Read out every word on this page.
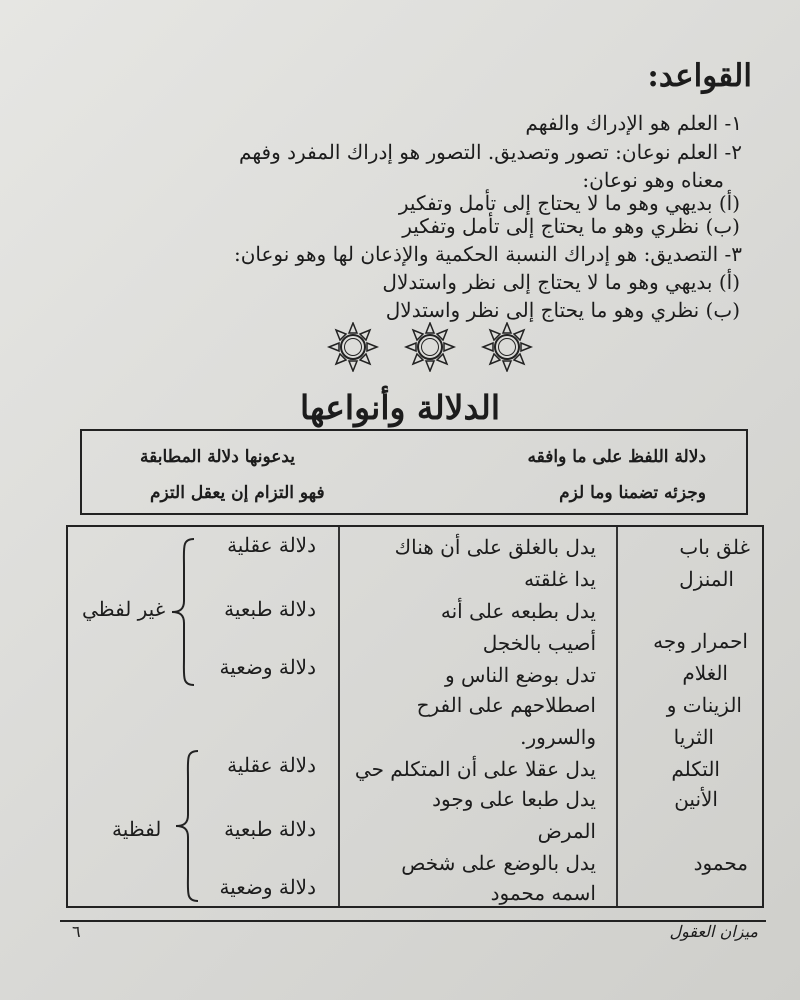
القواعد:
١- العلم هو الإدراك والفهم
٢- العلم نوعان: تصور وتصديق. التصور هو إدراك المفرد وفهم
معناه وهو نوعان:
(أ) بديهي وهو ما لا يحتاج إلى تأمل وتفكير
(ب) نظري وهو ما يحتاج إلى تأمل وتفكير
٣- التصديق: هو إدراك النسبة الحكمية والإذعان لها وهو نوعان:
(أ) بديهي وهو ما لا يحتاج إلى نظر واستدلال
(ب) نظري وهو ما يحتاج إلى نظر واستدلال
الدلالة وأنواعها
دلالة اللفظ على ما وافقه
يدعونها دلالة المطابقة
وجزئه تضمنا وما لزم
فهو التزام إن يعقل التزم
غلق باب
المنزل
احمرار وجه
الغلام
الزينات و
الثريا
التكلم
الأنين
محمود
يدل بالغلق على أن هناك
يدا غلقته
يدل بطبعه على أنه
أصيب بالخجل
تدل بوضع الناس و
اصطلاحهم على الفرح
والسرور.
يدل عقلا على أن المتكلم حي
يدل طبعا على وجود
المرض
يدل بالوضع على شخص
اسمه محمود
دلالة عقلية
دلالة طبعية
دلالة وضعية
غير لفظي
دلالة عقلية
دلالة طبعية
دلالة وضعية
لفظية
ميزان العقول
٦
